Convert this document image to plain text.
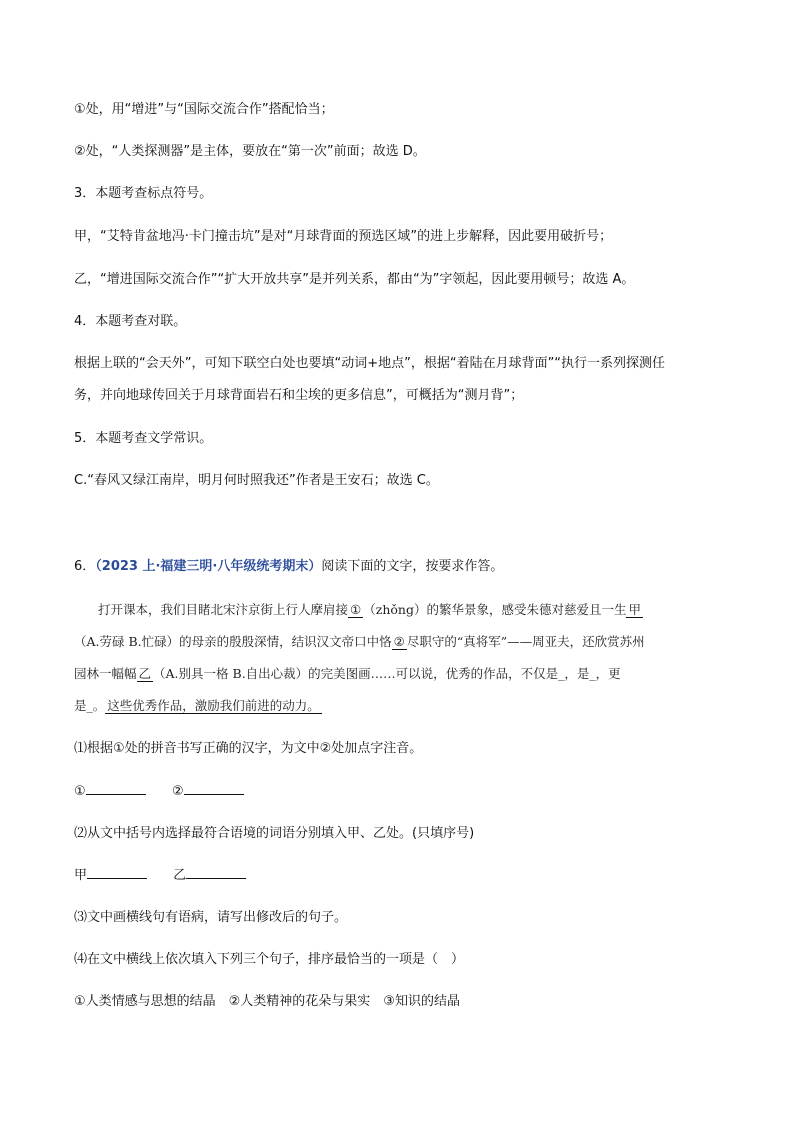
①处，用“增进”与“国际交流合作”搭配恰当；
②处，“人类探测器”是主体，要放在“第一次”前面；故选 D。
3．本题考查标点符号。
甲，“艾特肯盆地冯·卡门撞击坑”是对“月球背面的预选区域”的进上步解释，因此要用破折号；
乙，“增进国际交流合作”“扩大开放共享”是并列关系，都由“为”字领起，因此要用顿号；故选 A。
4．本题考查对联。
根据上联的“会天外”，可知下联空白处也要填“动词+地点”，根据“着陆在月球背面”“执行一系列探测任
务，并向地球传回关于月球背面岩石和尘埃的更多信息”，可概括为“测月背”；
5．本题考查文学常识。
C.“春风又绿江南岸，明月何时照我还”作者是王安石；故选 C。
6．（2023 上·福建三明·八年级统考期末）阅读下面的文字，按要求作答。
打开课本，我们目睹北宋汴京街上行人摩肩接 ① （zhǒng）的繁华景象，感受朱德对慈爱且一生 甲
（A.劳碌 B.忙碌）的母亲的殷殷深情，结识汉文帝口中恪 ② 尽职守的“真将军”——周亚夫，还欣赏苏州
园林一幅幅 乙 （A.别具一格 B.自出心裁）的完美图画……可以说，优秀的作品，不仅是_，是_，更
是_。 这些优秀作品，激励我们前进的动力。
⑴根据①处的拼音书写正确的汉字，为文中②处加点字注音。
①	②
⑵从文中括号内选择最符合语境的词语分别填入甲、乙处。(只填序号)
甲	乙
⑶文中画横线句有语病，请写出修改后的句子。
⑷在文中横线上依次填入下列三个句子，排序最恰当的一项是（　）
①人类情感与思想的结晶　②人类精神的花朵与果实　③知识的结晶
